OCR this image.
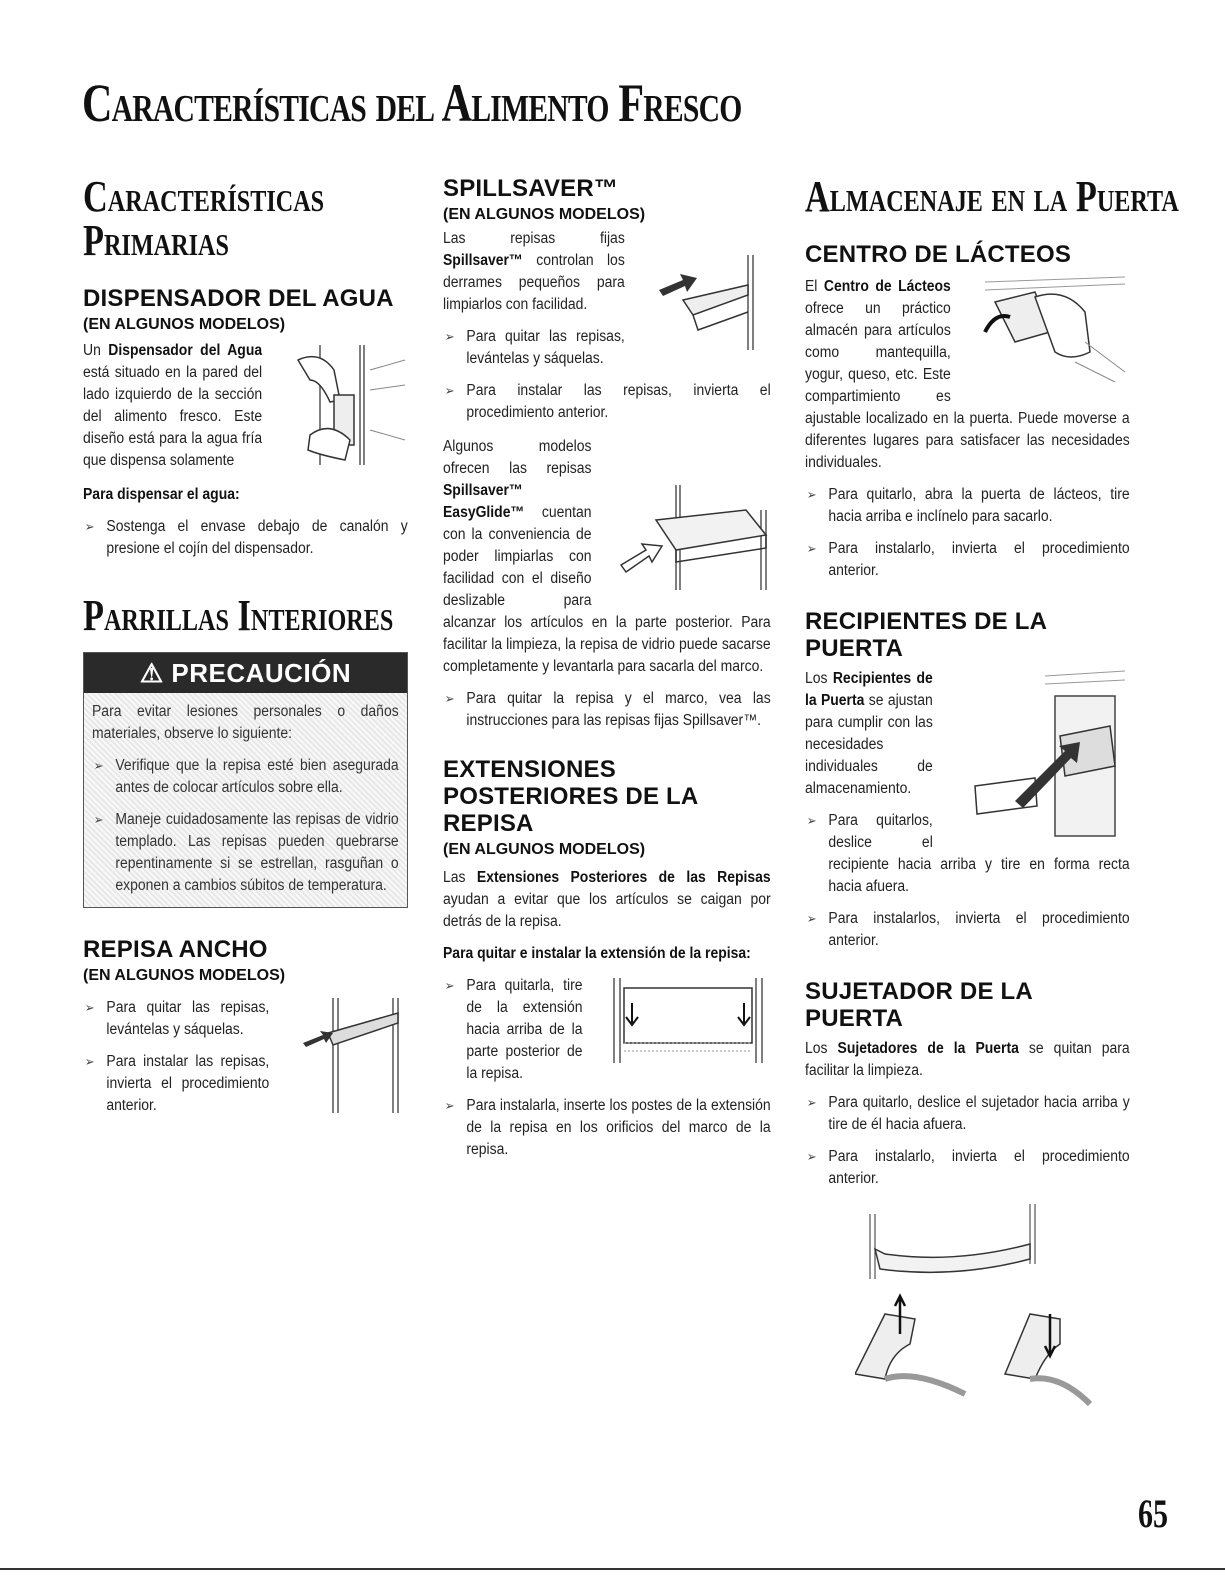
Características del Alimento Fresco
Características
Primarias
DISPENSADOR DEL AGUA
(EN ALGUNOS MODELOS)
Un Dispensador del Agua está situado en la pared del lado izquierdo de la sección del alimento fresco. Este diseño está para la agua fría que dispensa solamente
Para dispensar el agua:
➢ Sostenga el envase debajo de canalón y presione el cojín del dispensador.
Parrillas Interiores
⚠ PRECAUCIÓN
Para evitar lesiones personales o daños materiales, observe lo siguiente:
➢ Verifique que la repisa esté bien asegurada antes de colocar artículos sobre ella.
➢ Maneje cuidadosamente las repisas de vidrio templado. Las repisas pueden quebrarse repentinamente si se estrellan, rasguñan o exponen a cambios súbitos de temperatura.
REPISA ANCHO
(EN ALGUNOS MODELOS)
➢ Para quitar las repisas, levántelas y sáquelas.
➢ Para instalar las repisas, invierta el procedimiento anterior.
SPILLSAVER™
(EN ALGUNOS MODELOS)
Las repisas fijas Spillsaver™ controlan los derrames pequeños para limpiarlos con facilidad.
➢ Para quitar las repisas, levántelas y sáquelas.
➢ Para instalar las repisas, invierta el procedimiento anterior.
Algunos modelos ofrecen las repisas Spillsaver™ EasyGlide™ cuentan con la conveniencia de poder limpiarlas con facilidad con el diseño deslizable para alcanzar los artículos en la parte posterior. Para facilitar la limpieza, la repisa de vidrio puede sacarse completamente y levantarla para sacarla del marco.
➢ Para quitar la repisa y el marco, vea las instrucciones para las repisas fijas Spillsaver™.
EXTENSIONES
POSTERIORES DE LA
REPISA
(EN ALGUNOS MODELOS)
Las Extensiones Posteriores de las Repisas ayudan a evitar que los artículos se caigan por detrás de la repisa.
Para quitar e instalar la extensión de la repisa:
➢ Para quitarla, tire de la extensión hacia arriba de la parte posterior de la repisa.
➢ Para instalarla, inserte los postes de la extensión de la repisa en los orificios del marco de la repisa.
Almacenaje en la Puerta
CENTRO DE LÁCTEOS
El Centro de Lácteos ofrece un práctico almacén para artículos como mantequilla, yogur, queso, etc. Este compartimiento es ajustable localizado en la puerta. Puede moverse a diferentes lugares para satisfacer las necesidades individuales.
➢ Para quitarlo, abra la puerta de lácteos, tire hacia arriba e inclínelo para sacarlo.
➢ Para instalarlo, invierta el procedimiento anterior.
RECIPIENTES DE LA
PUERTA
Los Recipientes de la Puerta se ajustan para cumplir con las necesidades individuales de almacenamiento.
➢ Para quitarlos, deslice el recipiente hacia arriba y tire en forma recta hacia afuera.
➢ Para instalarlos, invierta el procedimiento anterior.
SUJETADOR DE LA
PUERTA
Los Sujetadores de la Puerta se quitan para facilitar la limpieza.
➢ Para quitarlo, deslice el sujetador hacia arriba y tire de él hacia afuera.
➢ Para instalarlo, invierta el procedimiento anterior.
65
